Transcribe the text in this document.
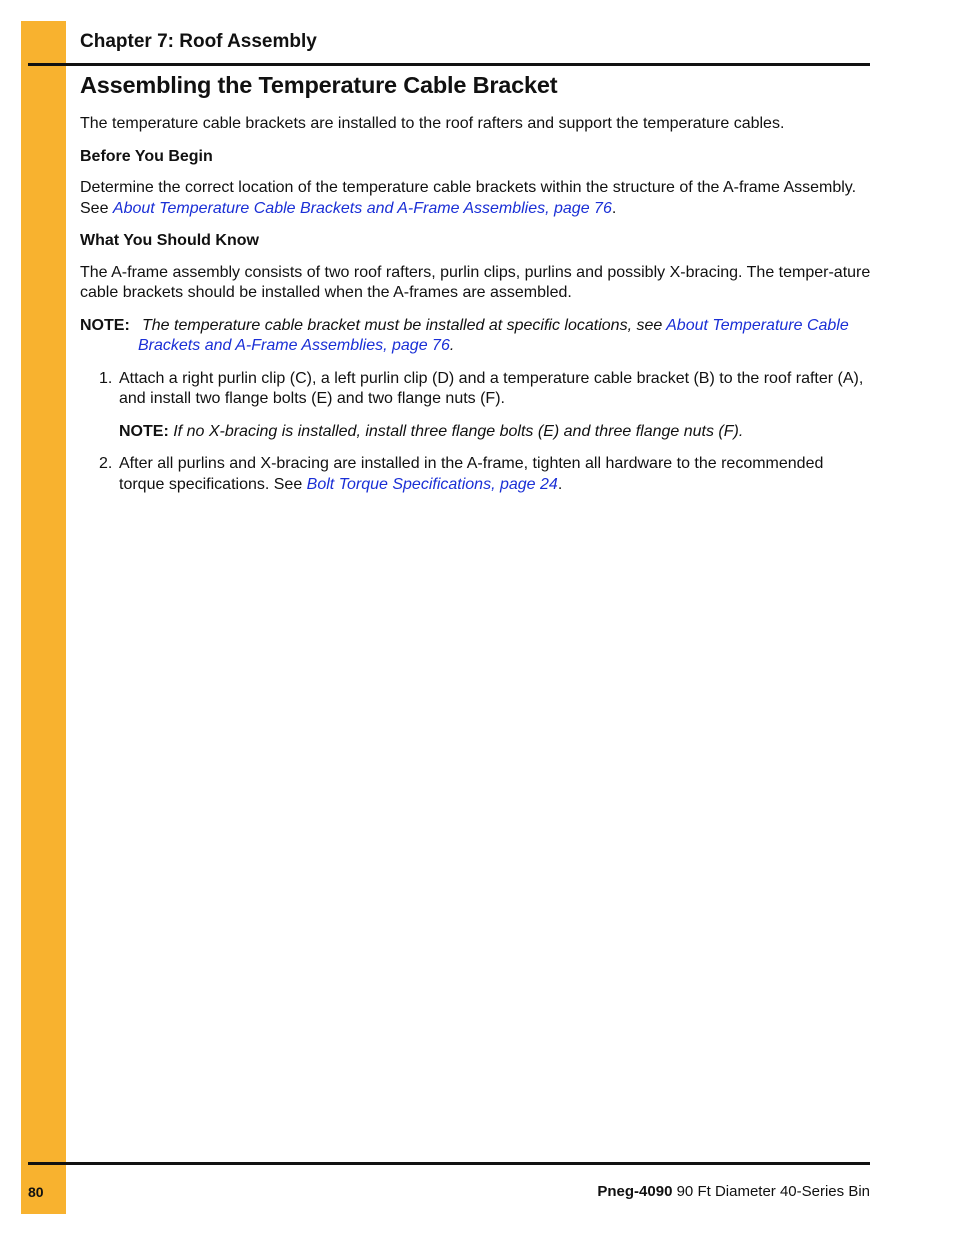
Chapter 7: Roof Assembly
Assembling the Temperature Cable Bracket

The temperature cable brackets are installed to the roof rafters and support the temperature cables.

Before You Begin

Determine the correct location of the temperature cable brackets within the structure of the A-frame Assembly. See About Temperature Cable Brackets and A-Frame Assemblies, page 76.

What You Should Know

The A-frame assembly consists of two roof rafters, purlin clips, purlins and possibly X-bracing. The temper-ature cable brackets should be installed when the A-frames are assembled.

NOTE: The temperature cable bracket must be installed at specific locations, see About Temperature Cable Brackets and A-Frame Assemblies, page 76.

1. Attach a right purlin clip (C), a left purlin clip (D) and a temperature cable bracket (B) to the roof rafter (A), and install two flange bolts (E) and two flange nuts (F).
NOTE: If no X-bracing is installed, install three flange bolts (E) and three flange nuts (F).
2. After all purlins and X-bracing are installed in the A-frame, tighten all hardware to the recommended torque specifications. See Bolt Torque Specifications, page 24.
80	Pneg-4090 90 Ft Diameter 40-Series Bin
